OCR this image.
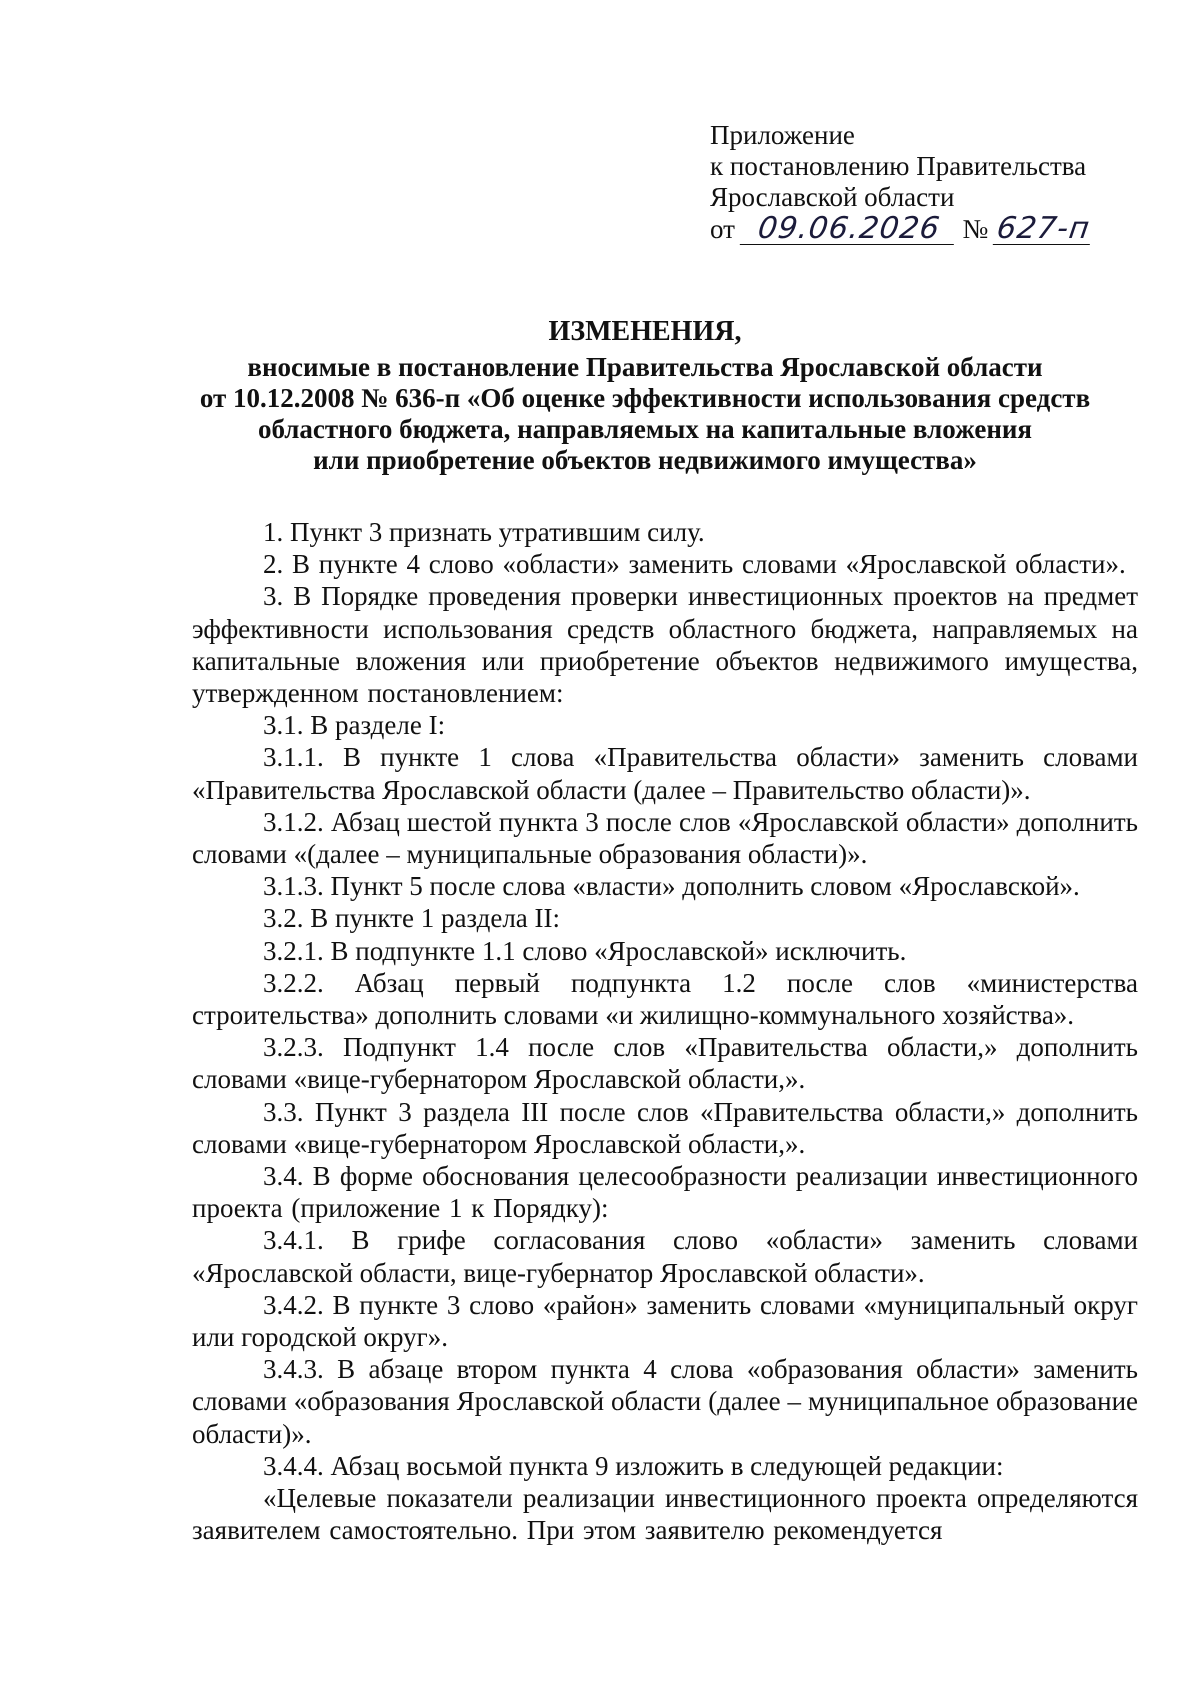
Приложение
к постановлению Правительства
Ярославской области
от 09.06.2026 № 627-п
ИЗМЕНЕНИЯ,
вносимые в постановление Правительства Ярославской области
от 10.12.2008 № 636-п «Об оценке эффективности использования средств
областного бюджета, направляемых на капитальные вложения
или приобретение объектов недвижимого имущества»

1. Пункт 3 признать утратившим силу.

2. В пункте 4 слово «области» заменить словами «Ярославской области».

3. В Порядке проведения проверки инвестиционных проектов на предмет эффективности использования средств областного бюджета, направляемых на капитальные вложения или приобретение объектов недвижимого имущества, утвержденном постановлением:

3.1. В разделе I:

3.1.1. В пункте 1 слова «Правительства области» заменить словами «Правительства Ярославской области (далее – Правительство области)».

3.1.2. Абзац шестой пункта 3 после слов «Ярославской области» дополнить словами «(далее – муниципальные образования области)».

3.1.3. Пункт 5 после слова «власти» дополнить словом «Ярославской».

3.2. В пункте 1 раздела II:

3.2.1. В подпункте 1.1 слово «Ярославской» исключить.

3.2.2. Абзац первый подпункта 1.2 после слов «министерства строительства» дополнить словами «и жилищно-коммунального хозяйства».

3.2.3. Подпункт 1.4 после слов «Правительства области,» дополнить словами «вице-губернатором Ярославской области,».

3.3. Пункт 3 раздела III после слов «Правительства области,» дополнить словами «вице-губернатором Ярославской области,».

3.4. В форме обоснования целесообразности реализации инвестиционного проекта (приложение 1 к Порядку):

3.4.1. В грифе согласования слово «области» заменить словами «Ярославской области, вице-губернатор Ярославской области».

3.4.2. В пункте 3 слово «район» заменить словами «муниципальный округ или городской округ».

3.4.3. В абзаце втором пункта 4 слова «образования области» заменить словами «образования Ярославской области (далее – муниципальное образование области)».

3.4.4. Абзац восьмой пункта 9 изложить в следующей редакции:

«Целевые показатели реализации инвестиционного проекта определяются заявителем самостоятельно. При этом заявителю рекомендуется
